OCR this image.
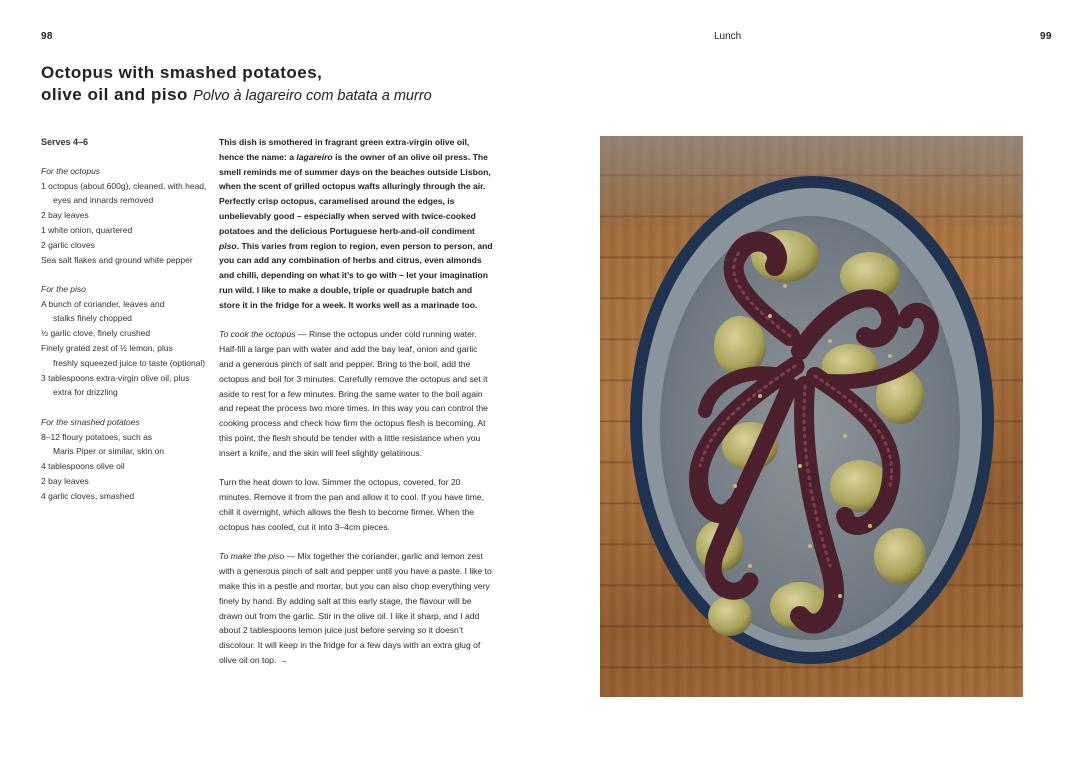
98	Lunch	99
Octopus with smashed potatoes,
olive oil and piso Polvo à lagareiro com batata a murro
Serves 4–6
For the octopus
1 octopus (about 600g), cleaned, with head,
eyes and innards removed
2 bay leaves
1 white onion, quartered
2 garlic cloves
Sea salt flakes and ground white pepper
For the piso
A bunch of coriander, leaves and
stalks finely chopped
½ garlic clove, finely crushed
Finely grated zest of ½ lemon, plus
freshly squeezed juice to taste (optional)
3 tablespoons extra-virgin olive oil, plus
extra for drizzling
For the smashed potatoes
8–12 floury potatoes, such as
Maris Piper or similar, skin on
4 tablespoons olive oil
2 bay leaves
4 garlic cloves, smashed

This dish is smothered in fragrant green extra-virgin olive oil, hence the name: a lagareiro is the owner of an olive oil press. The smell reminds me of summer days on the beaches outside Lisbon, when the scent of grilled octopus wafts alluringly through the air. Perfectly crisp octopus, caramelised around the edges, is unbelievably good – especially when served with twice-cooked potatoes and the delicious Portuguese herb-and-oil condiment piso. This varies from region to region, even person to person, and you can add any combination of herbs and citrus, even almonds and chilli, depending on what it’s to go with – let your imagination run wild. I like to make a double, triple or quadruple batch and store it in the fridge for a week. It works well as a marinade too.

To cook the octopus — Rinse the octopus under cold running water. Half-fill a large pan with water and add the bay leaf, onion and garlic and a generous pinch of salt and pepper. Bring to the boil, add the octopus and boil for 3 minutes. Carefully remove the octopus and set it aside to rest for a few minutes. Bring the same water to the boil again and repeat the process two more times. In this way you can control the cooking process and check how firm the octopus flesh is becoming. At this point, the flesh should be tender with a little resistance when you insert a knife, and the skin will feel slightly gelatinous.

Turn the heat down to low. Simmer the octopus, covered, for 20 minutes. Remove it from the pan and allow it to cool. If you have time, chill it overnight, which allows the flesh to become firmer. When the octopus has cooled, cut it into 3–4cm pieces.

To make the piso — Mix together the coriander, garlic and lemon zest with a generous pinch of salt and pepper until you have a paste. I like to make this in a pestle and mortar, but you can also chop everything very finely by hand. By adding salt at this early stage, the flavour will be drawn out from the garlic. Stir in the olive oil. I like it sharp, and I add about 2 tablespoons lemon juice just before serving so it doesn’t discolour. It will keep in the fridge for a few days with an extra glug of olive oil on top. →
